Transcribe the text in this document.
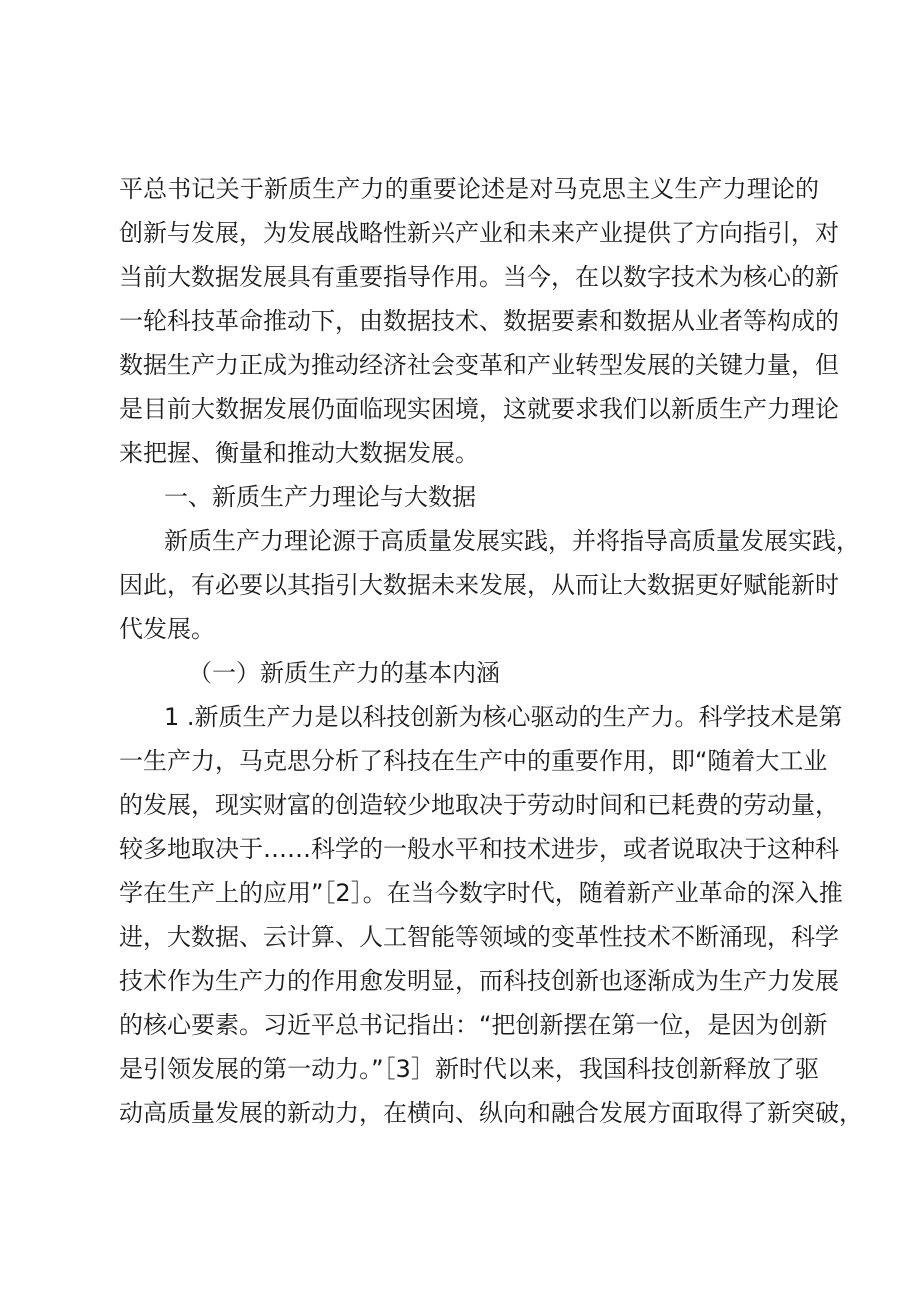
平总书记关于新质生产力的重要论述是对马克思主义生产力理论的
创新与发展，为发展战略性新兴产业和未来产业提供了方向指引，对
当前大数据发展具有重要指导作用。当今，在以数字技术为核心的新
一轮科技革命推动下，由数据技术、数据要素和数据从业者等构成的
数据生产力正成为推动经济社会变革和产业转型发展的关键力量，但
是目前大数据发展仍面临现实困境，这就要求我们以新质生产力理论
来把握、衡量和推动大数据发展。
一、新质生产力理论与大数据
新质生产力理论源于高质量发展实践，并将指导高质量发展实践，
因此，有必要以其指引大数据未来发展，从而让大数据更好赋能新时
代发展。
（一）新质生产力的基本内涵
1 .新质生产力是以科技创新为核心驱动的生产力。科学技术是第
一生产力，马克思分析了科技在生产中的重要作用，即“随着大工业
的发展，现实财富的创造较少地取决于劳动时间和已耗费的劳动量，
较多地取决于……科学的一般水平和技术进步，或者说取决于这种科
学在生产上的应用”［2］。在当今数字时代，随着新产业革命的深入推
进，大数据、云计算、人工智能等领域的变革性技术不断涌现，科学
技术作为生产力的作用愈发明显，而科技创新也逐渐成为生产力发展
的核心要素。习近平总书记指出：“把创新摆在第一位，是因为创新
是引领发展的第一动力。”［3］新时代以来，我国科技创新释放了驱
动高质量发展的新动力，在横向、纵向和融合发展方面取得了新突破，
